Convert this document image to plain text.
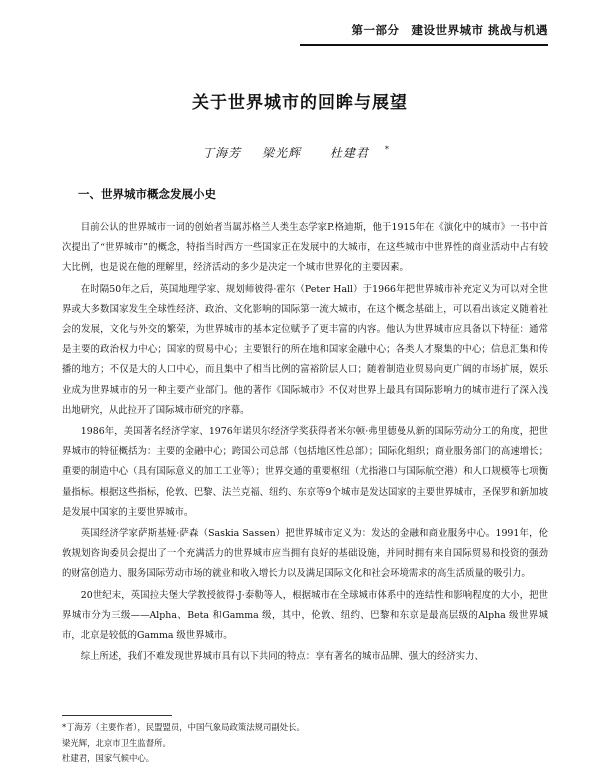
第一部分　建设世界城市 挑战与机遇
关于世界城市的回眸与展望
丁海芳 梁光辉 杜建君 *
一、世界城市概念发展小史

目前公认的世界城市一词的创始者当属苏格兰人类生态学家P.格迪斯，他于1915年在《演化中的城市》一书中首次提出了“世界城市”的概念，特指当时西方一些国家正在发展中的大城市，在这些城市中世界性的商业活动中占有较大比例，也是说在他的理解里，经济活动的多少是决定一个城市世界化的主要因素。

在时隔50年之后，英国地理学家、规划师彼得·霍尔（Peter Hall）于1966年把世界城市补充定义为可以对全世界或大多数国家发生全球性经济、政治、文化影响的国际第一流大城市，在这个概念基础上，可以看出该定义随着社会的发展，文化与外交的繁荣，为世界城市的基本定位赋予了更丰富的内容。他认为世界城市应具备以下特征：通常是主要的政治权力中心；国家的贸易中心；主要银行的所在地和国家金融中心；各类人才聚集的中心；信息汇集和传播的地方；不仅是大的人口中心，而且集中了相当比例的富裕阶层人口；随着制造业贸易向更广阔的市场扩展，娱乐业成为世界城市的另一种主要产业部门。他的著作《国际城市》不仅对世界上最具有国际影响力的城市进行了深入浅出地研究，从此拉开了国际城市研究的序幕。

1986年，美国著名经济学家、1976年诺贝尔经济学奖获得者米尔顿·弗里德曼从新的国际劳动分工的角度，把世界城市的特征概括为：主要的金融中心；跨国公司总部（包括地区性总部）；国际化组织；商业服务部门的高速增长；重要的制造中心（具有国际意义的加工工业等）；世界交通的重要枢纽（尤指港口与国际航空港）和人口规模等七项衡量指标。根据这些指标，伦敦、巴黎、法兰克福、纽约、东京等9个城市是发达国家的主要世界城市，圣保罗和新加坡是发展中国家的主要世界城市。

英国经济学家萨斯基娅·萨森（Saskia Sassen）把世界城市定义为：发达的金融和商业服务中心。1991年，伦敦规划咨询委员会提出了一个充满活力的世界城市应当拥有良好的基础设施，并同时拥有来自国际贸易和投资的强劲的财富创造力、服务国际劳动市场的就业和收入增长力以及满足国际文化和社会环境需求的高生活质量的吸引力。

20世纪末，英国拉夫堡大学教授彼得·J·泰勒等人，根据城市在全球城市体系中的连结性和影响程度的大小，把世界城市分为三级——Alpha、Beta 和Gamma 级，其中，伦敦、纽约、巴黎和东京是最高层级的Alpha 级世界城市，北京是较低的Gamma 级世界城市。

综上所述，我们不难发现世界城市具有以下共同的特点：享有著名的城市品牌、强大的经济实力、

*丁海芳（主要作者），民盟盟员，中国气象局政策法规司副处长。
梁光辉，北京市卫生监督所。
杜建君，国家气候中心。
